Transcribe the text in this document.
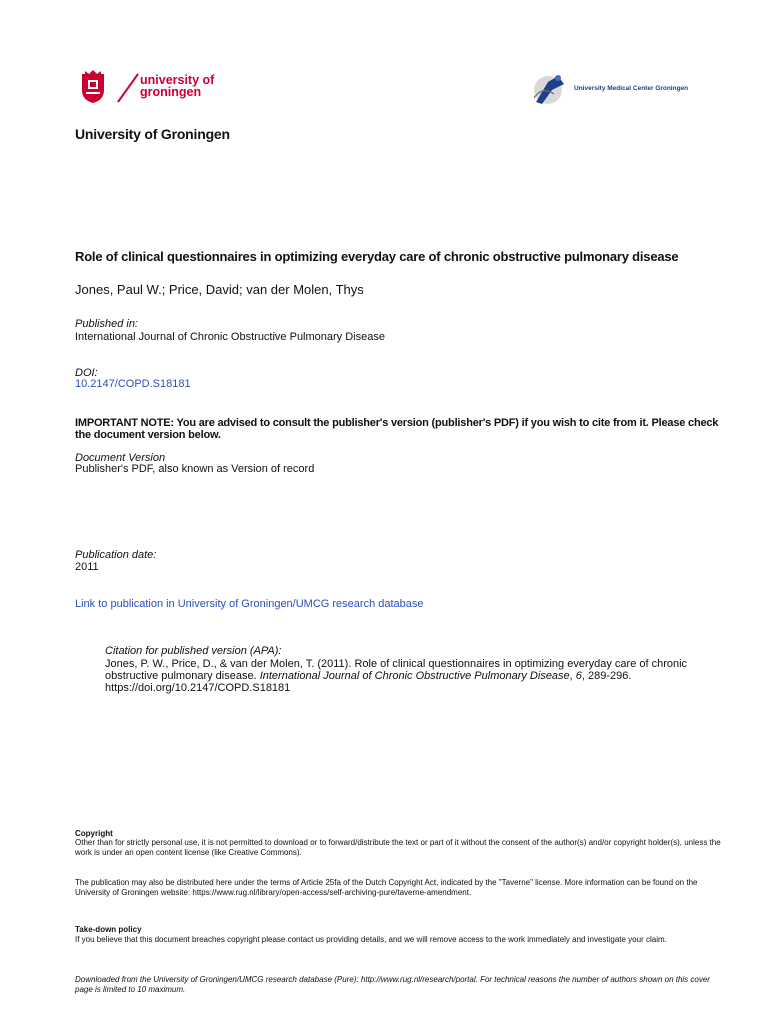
university of
groningen	University Medical Center Groningen
University of Groningen
Role of clinical questionnaires in optimizing everyday care of chronic obstructive pulmonary disease
Jones, Paul W.; Price, David; van der Molen, Thys
Published in:
International Journal of Chronic Obstructive Pulmonary Disease
DOI:
10.2147/COPD.S18181
IMPORTANT NOTE: You are advised to consult the publisher's version (publisher's PDF) if you wish to cite from it. Please check the document version below.
Document Version
Publisher's PDF, also known as Version of record
Publication date:
2011
Link to publication in University of Groningen/UMCG research database
Citation for published version (APA):
Jones, P. W., Price, D., & van der Molen, T. (2011). Role of clinical questionnaires in optimizing everyday care of chronic obstructive pulmonary disease. International Journal of Chronic Obstructive Pulmonary Disease, 6, 289-296. https://doi.org/10.2147/COPD.S18181
Copyright
Other than for strictly personal use, it is not permitted to download or to forward/distribute the text or part of it without the consent of the author(s) and/or copyright holder(s), unless the work is under an open content license (like Creative Commons).
The publication may also be distributed here under the terms of Article 25fa of the Dutch Copyright Act, indicated by the "Taverne" license. More information can be found on the University of Groningen website: https://www.rug.nl/library/open-access/self-archiving-pure/taverne-amendment.
Take-down policy
If you believe that this document breaches copyright please contact us providing details, and we will remove access to the work immediately and investigate your claim.
Downloaded from the University of Groningen/UMCG research database (Pure): http://www.rug.nl/research/portal. For technical reasons the number of authors shown on this cover page is limited to 10 maximum.
